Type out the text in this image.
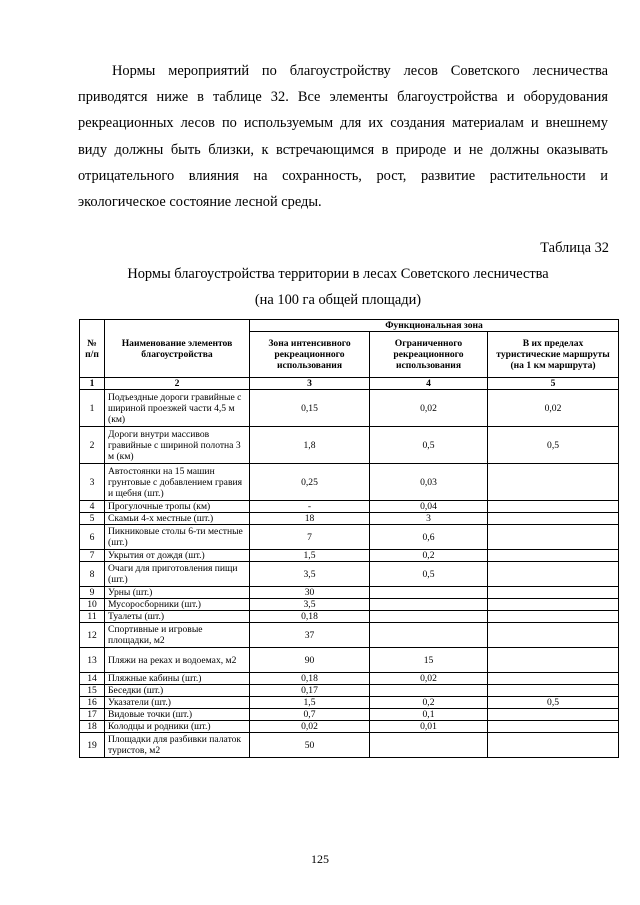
Нормы мероприятий по благоустройству лесов Советского лесничества
приводятся ниже в таблице 32. Все элементы благоустройства и оборудования
рекреационных лесов по используемым для их создания материалам и внешнему
виду должны быть близки, к встречающимся в природе и не должны оказывать
отрицательного влияния на сохранность, рост, развитие растительности и
экологическое состояние лесной среды.

Таблица 32
Нормы благоустройства территории в лесах Советского лесничества
(на 100 га общей площади)
№ п/п	Наименование элементов благоустройства	Функциональная зона		
		Зона интенсивного рекреационного использования	Ограниченного рекреационного использования	В их пределах туристические маршруты (на 1 км маршрута)
1	2	3	4	5
1	Подъездные дороги гравийные с шириной проезжей части 4,5 м (км)	0,15	0,02	0,02
2	Дороги внутри массивов гравийные с шириной полотна 3 м (км)	1,8	0,5	0,5
3	Автостоянки на 15 машин грунтовые с добавлением гравия и щебня (шт.)	0,25	0,03	
4	Прогулочные тропы (км)	-	0,04	
5	Скамьи 4-х местные (шт.)	18	3	
6	Пикниковые столы 6-ти местные (шт.)	7	0,6	
7	Укрытия от дождя (шт.)	1,5	0,2	
8	Очаги для приготовления пищи (шт.)	3,5	0,5	
9	Урны (шт.)	30		
10	Мусоросборники (шт.)	3,5		
11	Туалеты (шт.)	0,18		
12	Спортивные и игровые площадки, м2	37		
13	Пляжи на реках и водоемах, м2	90	15	
14	Пляжные кабины (шт.)	0,18	0,02	
15	Беседки (шт.)	0,17		
16	Указатели (шт.)	1,5	0,2	0,5
17	Видовые точки (шт.)	0,7	0,1	
18	Колодцы и родники (шт.)	0,02	0,01	
19	Площадки для разбивки палаток туристов, м2	50		
125
